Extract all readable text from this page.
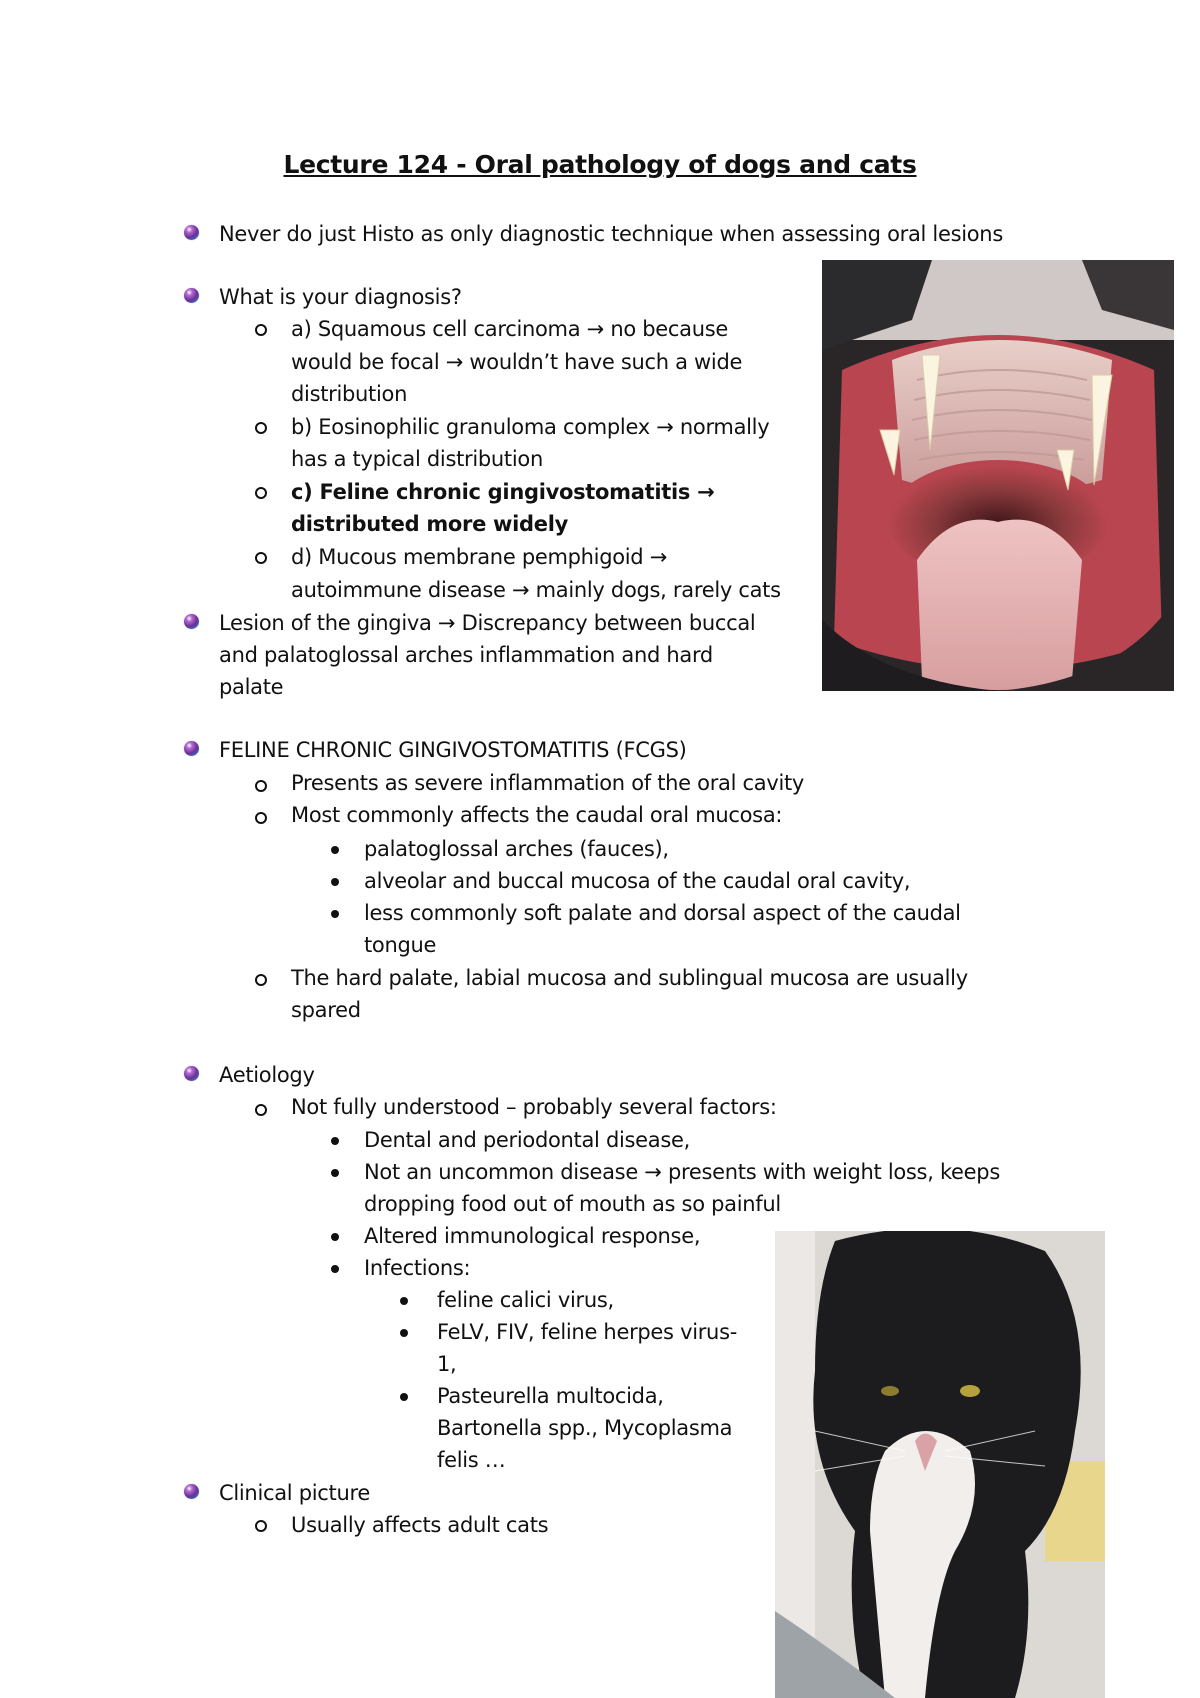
Lecture 124 - Oral pathology of dogs and cats
Never do just Histo as only diagnostic technique when assessing oral lesions
What is your diagnosis?
a) Squamous cell carcinoma → no because
would be focal → wouldn’t have such a wide
distribution
b) Eosinophilic granuloma complex → normally
has a typical distribution
c) Feline chronic gingivostomatitis →
distributed more widely
d) Mucous membrane pemphigoid →
autoimmune disease → mainly dogs, rarely cats
Lesion of the gingiva → Discrepancy between buccal
and palatoglossal arches inflammation and hard
palate
FELINE CHRONIC GINGIVOSTOMATITIS (FCGS)
Presents as severe inflammation of the oral cavity
Most commonly affects the caudal oral mucosa:
palatoglossal arches (fauces),
alveolar and buccal mucosa of the caudal oral cavity,
less commonly soft palate and dorsal aspect of the caudal
tongue
The hard palate, labial mucosa and sublingual mucosa are usually
spared
Aetiology
Not fully understood – probably several factors:
Dental and periodontal disease,
Not an uncommon disease → presents with weight loss, keeps
dropping food out of mouth as so painful
Altered immunological response,
Infections:
feline calici virus,
FeLV, FIV, feline herpes virus-
1,
Pasteurella multocida,
Bartonella spp., Mycoplasma
felis …
Clinical picture
Usually affects adult cats
